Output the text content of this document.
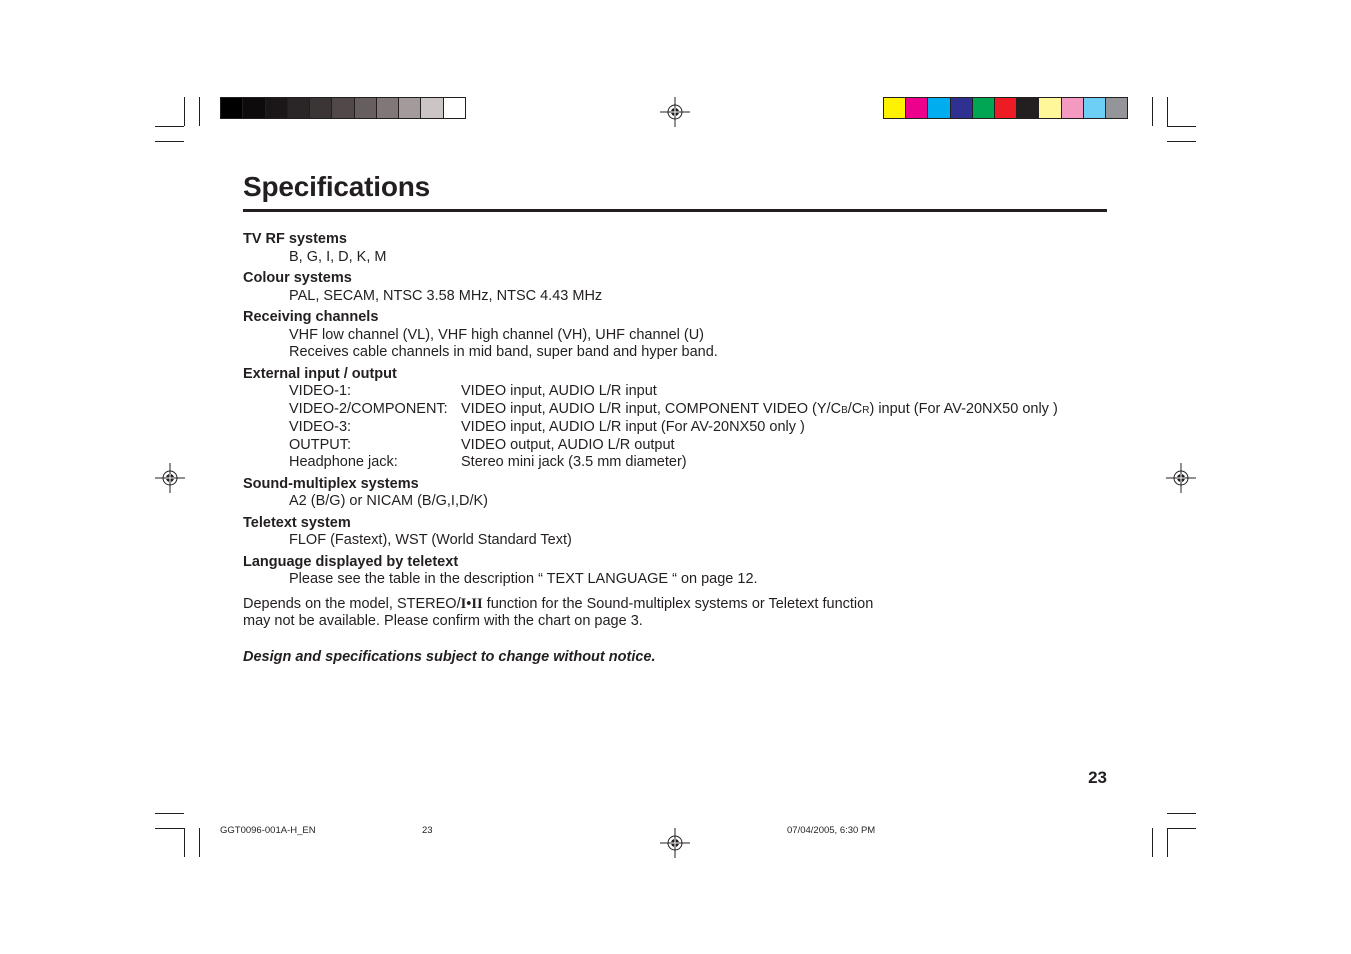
Specifications
TV RF systems
B, G, I, D, K, M
Colour systems
PAL, SECAM, NTSC 3.58 MHz, NTSC 4.43 MHz
Receiving channels
VHF low channel (VL), VHF high channel (VH), UHF channel (U)
Receives cable channels in mid band, super band and hyper band.
External input / output
VIDEO-1:	VIDEO input, AUDIO L/R input
VIDEO-2/COMPONENT: VIDEO input, AUDIO L/R input, COMPONENT VIDEO (Y/CB/CR) input (For AV-20NX50 only )
VIDEO-3:	VIDEO input, AUDIO L/R input (For AV-20NX50 only )
OUTPUT:	VIDEO output, AUDIO L/R output
Headphone jack:	Stereo mini jack (3.5 mm diameter)
Sound-multiplex systems
A2 (B/G) or NICAM (B/G,I,D/K)
Teletext system
FLOF (Fastext), WST (World Standard Text)
Language displayed by teletext
Please see the table in the description “ TEXT LANGUAGE “ on page 12.
Depends on the model, STEREO/I•II function for the Sound-multiplex systems or Teletext function
may not be available. Please confirm with the chart on page 3.
Design and specifications subject to change without notice.
23
GGT0096-001A-H_EN	23	07/04/2005, 6:30 PM
